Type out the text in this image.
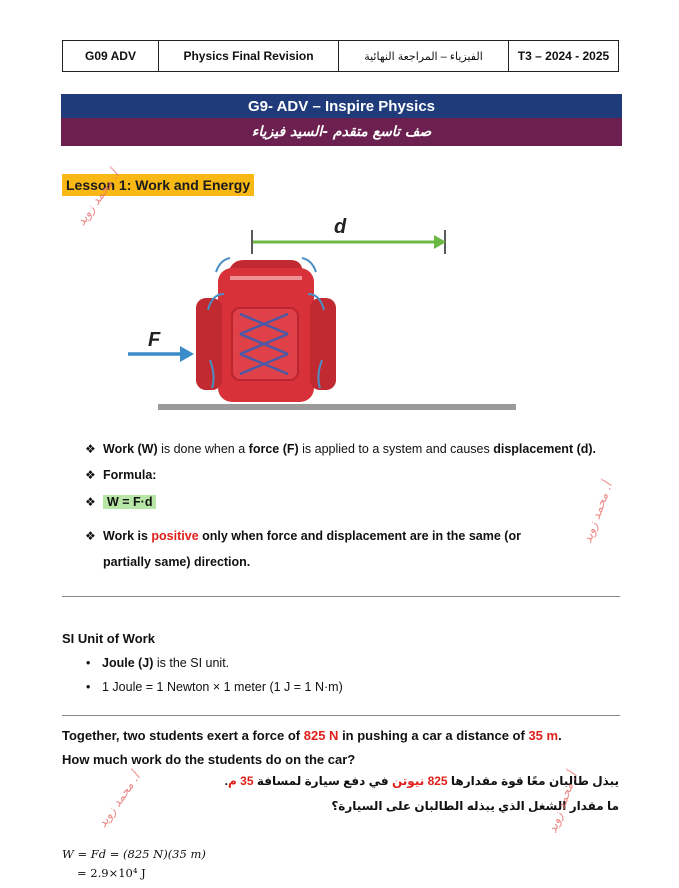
G09 ADV	Physics Final Revision	الفيزياء – المراجعة النهائية	T3 – 2024 - 2025
G9- ADV – Inspire Physics
صف تاسع متقدم -السيد فيزياء
Lesson 1: Work and Energy
d
F
❖ Work (W) is done when a force (F) is applied to a system and causes displacement (d).
❖ Formula:
❖ W = F·d
❖ Work is positive only when force and displacement are in the same (or
partially same) direction.
SI Unit of Work
• Joule (J) is the SI unit.
• 1 Joule = 1 Newton × 1 meter (1 J = 1 N·m)
Together, two students exert a force of 825 N in pushing a car a distance of 35 m.
How much work do the students do on the car?
يبذل طالبان معًا قوة مقدارها 825 نيوتن في دفع سيارة لمسافة 35 م.
ما مقدار الشغل الذي يبذله الطالبان على السيارة؟
W = Fd = (825 N)(35 m)
= 2.9×10⁴ J
أ. محمد زويد
أ. محمد زويد
أ. محمد زويد
أ. محمد زويد
